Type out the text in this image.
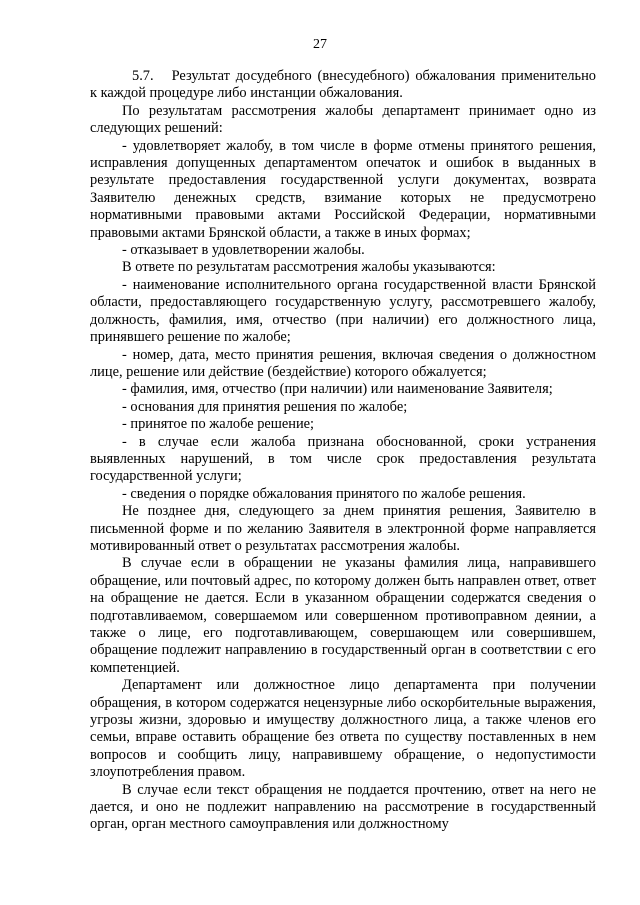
27

5.7. Результат досудебного (внесудебного) обжалования применительно к каждой процедуре либо инстанции обжалования.

По результатам рассмотрения жалобы департамент принимает одно из следующих решений:

- удовлетворяет жалобу, в том числе в форме отмены принятого решения, исправления допущенных департаментом опечаток и ошибок в выданных в результате предоставления государственной услуги документах, возврата Заявителю денежных средств, взимание которых не предусмотрено нормативными правовыми актами Российской Федерации, нормативными правовыми актами Брянской области, а также в иных формах;

- отказывает в удовлетворении жалобы.

В ответе по результатам рассмотрения жалобы указываются:

- наименование исполнительного органа государственной власти Брянской области, предоставляющего государственную услугу, рассмотревшего жалобу, должность, фамилия, имя, отчество (при наличии) его должностного лица, принявшего решение по жалобе;

- номер, дата, место принятия решения, включая сведения о должностном лице, решение или действие (бездействие) которого обжалуется;

- фамилия, имя, отчество (при наличии) или наименование Заявителя;

- основания для принятия решения по жалобе;

- принятое по жалобе решение;

- в случае если жалоба признана обоснованной, сроки устранения выявленных нарушений, в том числе срок предоставления результата государственной услуги;

- сведения о порядке обжалования принятого по жалобе решения.

Не позднее дня, следующего за днем принятия решения, Заявителю в письменной форме и по желанию Заявителя в электронной форме направляется мотивированный ответ о результатах рассмотрения жалобы.

В случае если в обращении не указаны фамилия лица, направившего обращение, или почтовый адрес, по которому должен быть направлен ответ, ответ на обращение не дается. Если в указанном обращении содержатся сведения о подготавливаемом, совершаемом или совершенном противоправном деянии, а также о лице, его подготавливающем, совершающем или совершившем, обращение подлежит направлению в государственный орган в соответствии с его компетенцией.

Департамент или должностное лицо департамента при получении обращения, в котором содержатся нецензурные либо оскорбительные выражения, угрозы жизни, здоровью и имуществу должностного лица, а также членов его семьи, вправе оставить обращение без ответа по существу поставленных в нем вопросов и сообщить лицу, направившему обращение, о недопустимости злоупотребления правом.

В случае если текст обращения не поддается прочтению, ответ на него не дается, и оно не подлежит направлению на рассмотрение в государственный орган, орган местного самоуправления или должностному
